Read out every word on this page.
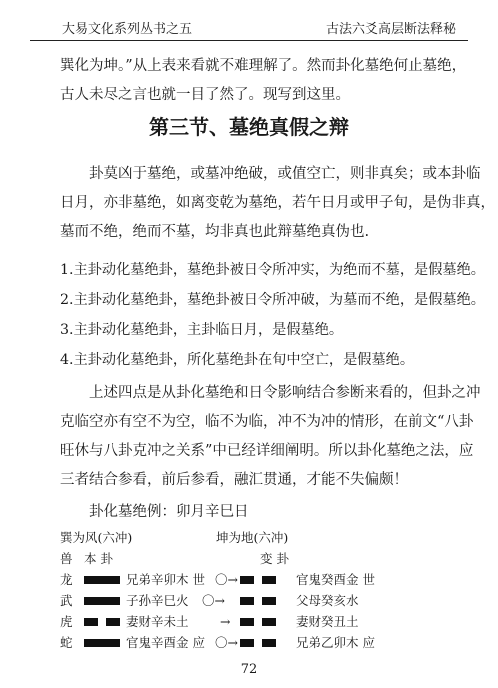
大易文化系列丛书之五	古法六爻高层断法释秘

巽化为坤。”从上表来看就不难理解了。然而卦化墓绝何止墓绝，
古人未尽之言也就一目了然了。现写到这里。

第三节、墓绝真假之辩

卦莫凶于墓绝，或墓冲绝破，或值空亡，则非真矣；或本卦临
日月，亦非墓绝，如离变乾为墓绝，若午日月或甲子旬，是伪非真，
墓而不绝，绝而不墓，均非真也此辩墓绝真伪也.

1.主卦动化墓绝卦，墓绝卦被日令所冲实，为绝而不墓，是假墓绝。
2.主卦动化墓绝卦，墓绝卦被日令所冲破，为墓而不绝，是假墓绝。
3.主卦动化墓绝卦，主卦临日月，是假墓绝。
4.主卦动化墓绝卦，所化墓绝卦在旬中空亡，是假墓绝。

上述四点是从卦化墓绝和日令影响结合参断来看的，但卦之冲
克临空亦有空不为空，临不为临，冲不为冲的情形，在前文“八卦
旺休与八卦克冲之关系”中已经详细阐明。所以卦化墓绝之法，应
三者结合参看，前后参看，融汇贯通，才能不失偏颇！

卦化墓绝例：卯月辛巳日

巽为风(六冲)	坤为地(六冲)
兽 本 卦	变 卦
龙	兄弟辛卯木 世 〇→	官鬼癸酉金 世
武	子孙辛巳火 〇→	父母癸亥水
虎	妻财辛未土	→	妻财癸丑土
蛇	官鬼辛酉金 应 〇→	兄弟乙卯木 应
72
